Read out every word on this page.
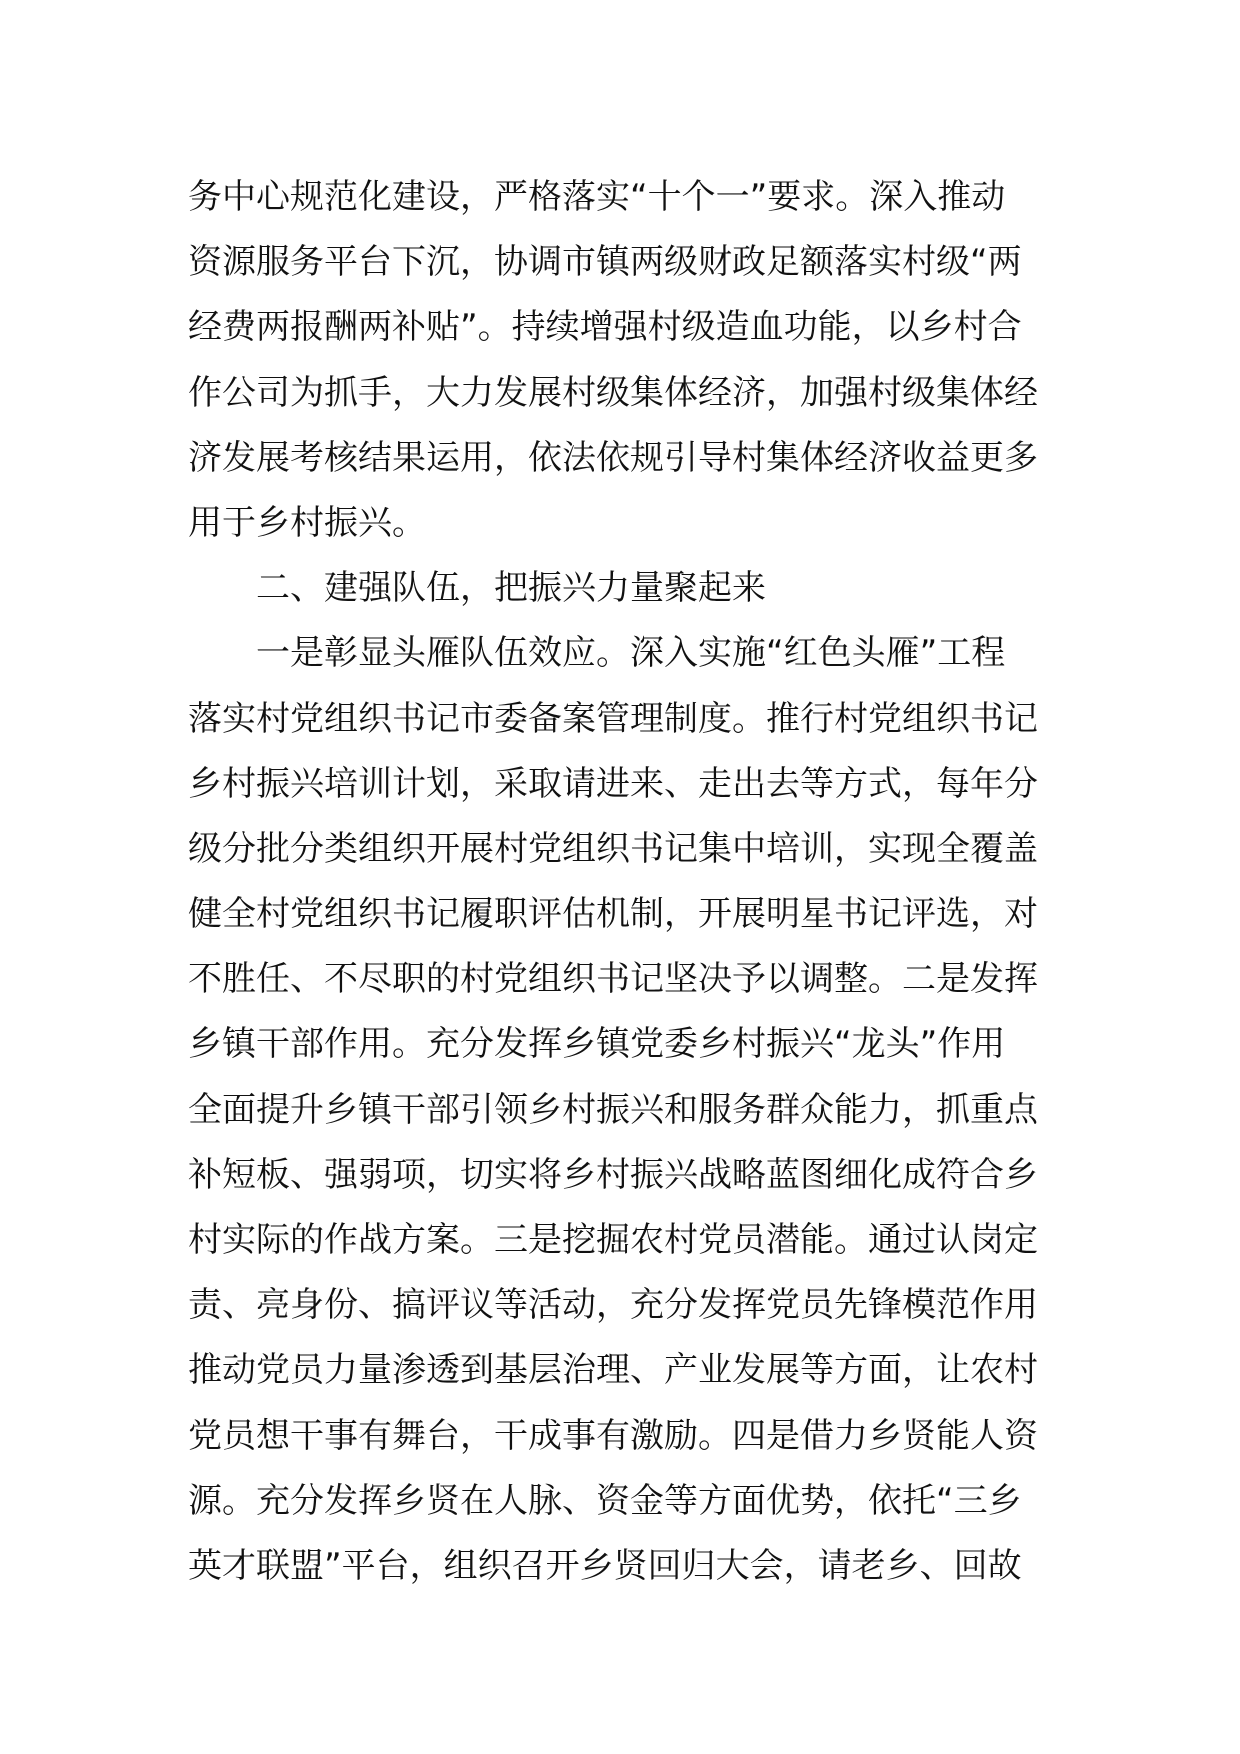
务中心规范化建设，严格落实“十个一”要求。深入推动
资源服务平台下沉，协调市镇两级财政足额落实村级“两
经费两报酬两补贴”。持续增强村级造血功能，以乡村合
作公司为抓手，大力发展村级集体经济，加强村级集体经
济发展考核结果运用，依法依规引导村集体经济收益更多
用于乡村振兴。
二、建强队伍，把振兴力量聚起来
一是彰显头雁队伍效应。深入实施“红色头雁”工程
落实村党组织书记市委备案管理制度。推行村党组织书记
乡村振兴培训计划，采取请进来、走出去等方式，每年分
级分批分类组织开展村党组织书记集中培训，实现全覆盖
健全村党组织书记履职评估机制，开展明星书记评选，对
不胜任、不尽职的村党组织书记坚决予以调整。二是发挥
乡镇干部作用。充分发挥乡镇党委乡村振兴“龙头”作用
全面提升乡镇干部引领乡村振兴和服务群众能力，抓重点
补短板、强弱项，切实将乡村振兴战略蓝图细化成符合乡
村实际的作战方案。三是挖掘农村党员潜能。通过认岗定
责、亮身份、搞评议等活动，充分发挥党员先锋模范作用
推动党员力量渗透到基层治理、产业发展等方面，让农村
党员想干事有舞台，干成事有激励。四是借力乡贤能人资
源。充分发挥乡贤在人脉、资金等方面优势，依托“三乡
英才联盟”平台，组织召开乡贤回归大会，请老乡、回故
